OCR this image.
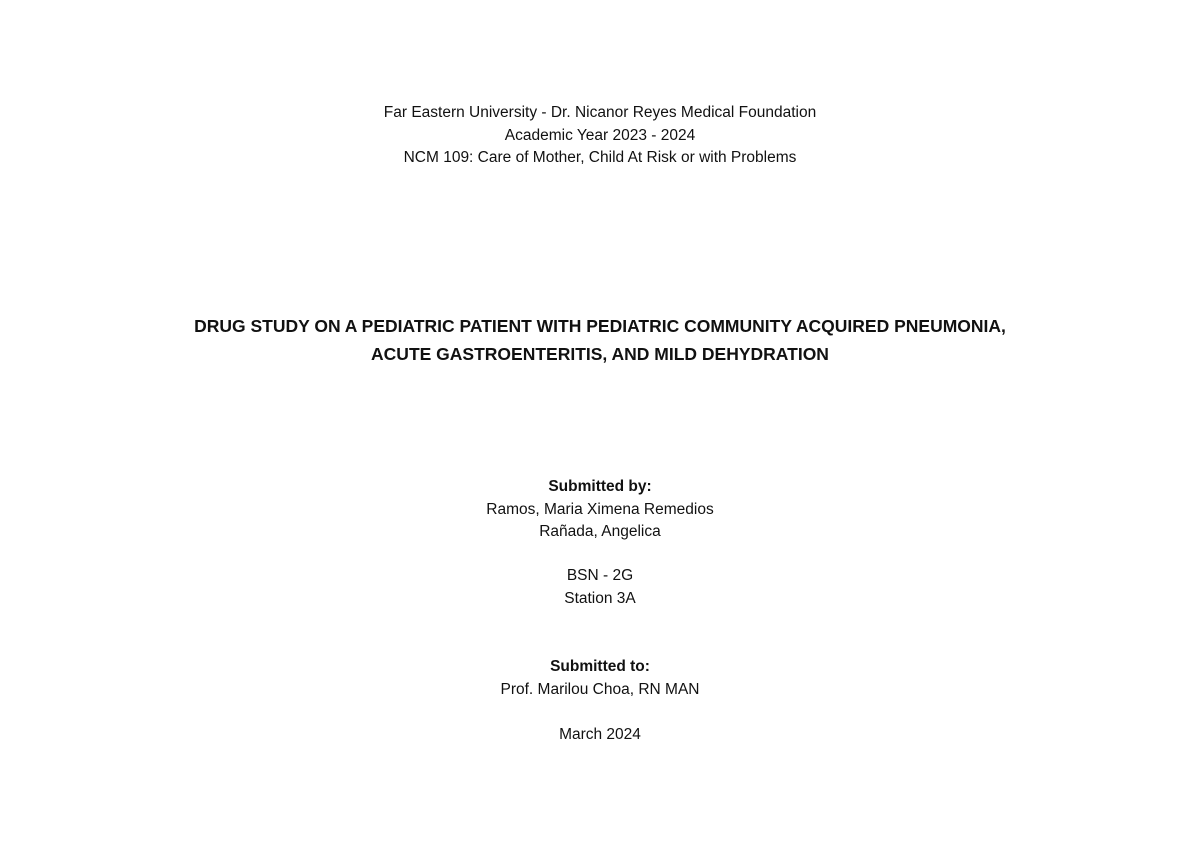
Far Eastern University - Dr. Nicanor Reyes Medical Foundation
Academic Year 2023 - 2024
NCM 109: Care of Mother, Child At Risk or with Problems
DRUG STUDY ON A PEDIATRIC PATIENT WITH PEDIATRIC COMMUNITY ACQUIRED PNEUMONIA,
ACUTE GASTROENTERITIS, AND MILD DEHYDRATION
Submitted by:
Ramos, Maria Ximena Remedios
Rañada, Angelica
BSN - 2G
Station 3A
Submitted to:
Prof. Marilou Choa, RN MAN
March 2024
